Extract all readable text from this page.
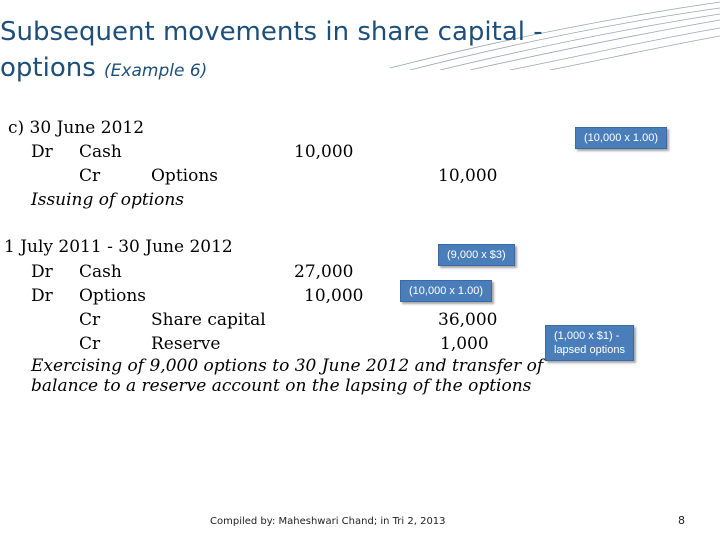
Subsequent movements in share capital -
options (Example 6)
c) 30 June 2012
Dr Cash	10,000
Cr	Options	10,000
Issuing of options
1 July 2011 - 30 June 2012
Dr Cash	27,000
Dr Options	10,000
Cr	Share capital	36,000
Cr	Reserve	1,000
Exercising of 9,000 options to 30 June 2012 and transfer of
balance to a reserve account on the lapsing of the options
(10,000 x 1.00)
(9,000 x $3)
(10,000 x 1.00)
(1,000 x $1) -
lapsed options
Compiled by: Maheshwari Chand; in Tri 2, 2013	8
